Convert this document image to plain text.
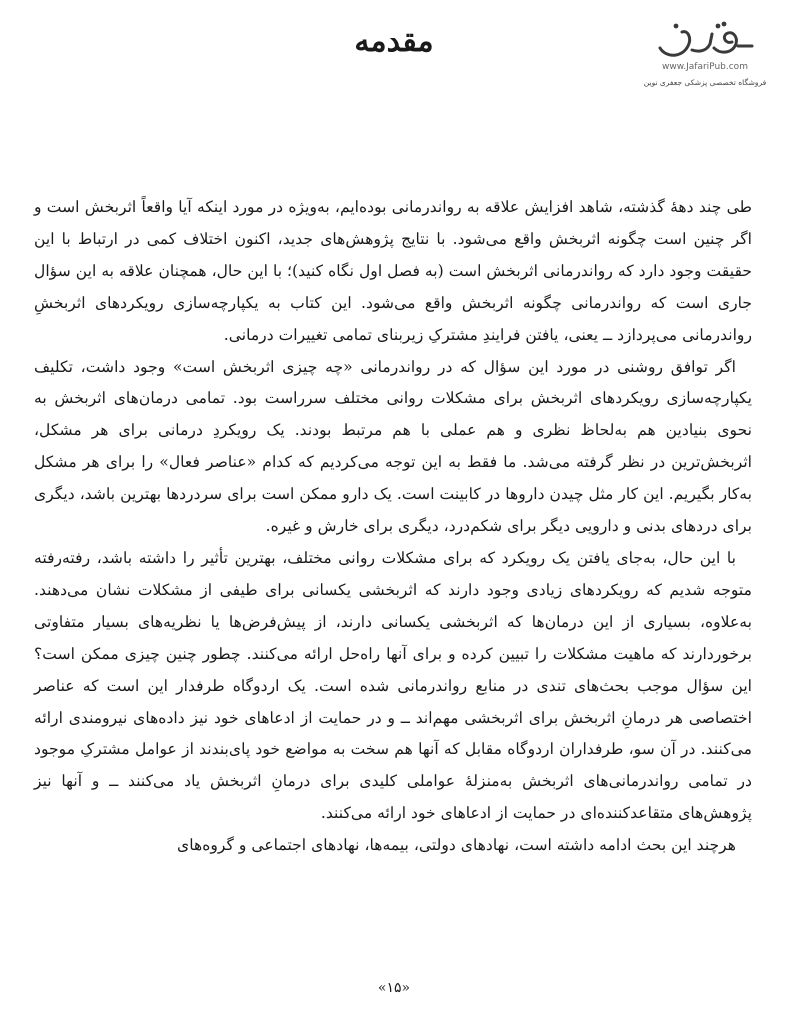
مقدمه
www.JafariPub.com
فروشگاه تخصصی پزشکی جعفری نوین

طی چند دههٔ گذشته، شاهد افزایش علاقه به رواندرمانی بوده‌ایم، به‌ویژه در مورد اینکه آیا واقعاً اثربخش است و اگر چنین است چگونه اثربخش واقع می‌شود. با نتایج پژوهش‌های جدید، اکنون اختلاف کمی در ارتباط با این حقیقت وجود دارد که رواندرمانی اثربخش است (به فصل اول نگاه کنید)؛ با این حال، همچنان علاقه به این سؤال جاری است که رواندرمانی چگونه اثربخش واقع می‌شود. این کتاب به یکپارچه‌سازی رویکردهای اثربخشِ رواندرمانی می‌پردازد ــ یعنی، یافتن فرایندِ مشترکِ زیربنای تمامی تغییرات درمانی.

اگر توافق روشنی در مورد این سؤال که در رواندرمانی «چه چیزی اثربخش است» وجود داشت، تکلیف یکپارچه‌سازی رویکردهای اثربخش برای مشکلات روانی مختلف سرراست بود. تمامی درمان‌های اثربخش به نحوی بنیادین هم به‌لحاظ نظری و هم عملی با هم مرتبط بودند. یک رویکردِ درمانی برای هر مشکل، اثربخش‌ترین در نظر گرفته می‌شد. ما فقط به این توجه می‌کردیم که کدام «عناصر فعال» را برای هر مشکل به‌کار بگیریم. این کار مثل چیدن داروها در کابینت است. یک دارو ممکن است برای سردردها بهترین باشد، دیگری برای دردهای بدنی و دارویی دیگر برای شکم‌درد، دیگری برای خارش و غیره.

با این حال، به‌جای یافتن یک رویکرد که برای مشکلات روانی مختلف، بهترین تأثیر را داشته باشد، رفته‌رفته متوجه شدیم که رویکردهای زیادی وجود دارند که اثربخشی یکسانی برای طیفی از مشکلات نشان می‌دهند. به‌علاوه، بسیاری از این درمان‌ها که اثربخشی یکسانی دارند، از پیش‌فرض‌ها یا نظریه‌های بسیار متفاوتی برخوردارند که ماهیت مشکلات را تبیین کرده و برای آنها راه‌حل ارائه می‌کنند. چطور چنین چیزی ممکن است؟ این سؤال موجب بحث‌های تندی در منابع رواندرمانی شده است. یک اردوگاه طرفدار این است که عناصر اختصاصی هر درمانِ اثربخش برای اثربخشی مهم‌اند ــ و در حمایت از ادعاهای خود نیز داده‌های نیرومندی ارائه می‌کنند. در آن سو، طرفداران اردوگاه مقابل که آنها هم سخت به مواضع خود پای‌بندند از عوامل مشترکِ موجود در تمامی رواندرمانی‌های اثربخش به‌منزلهٔ عواملی کلیدی برای درمانِ اثربخش یاد می‌کنند ــ و آنها نیز پژوهش‌های متقاعدکننده‌ای در حمایت از ادعاهای خود ارائه می‌کنند.

هرچند این بحث ادامه داشته است، نهادهای دولتی، بیمه‌ها، نهادهای اجتماعی و گروه‌های

«۱۵»
